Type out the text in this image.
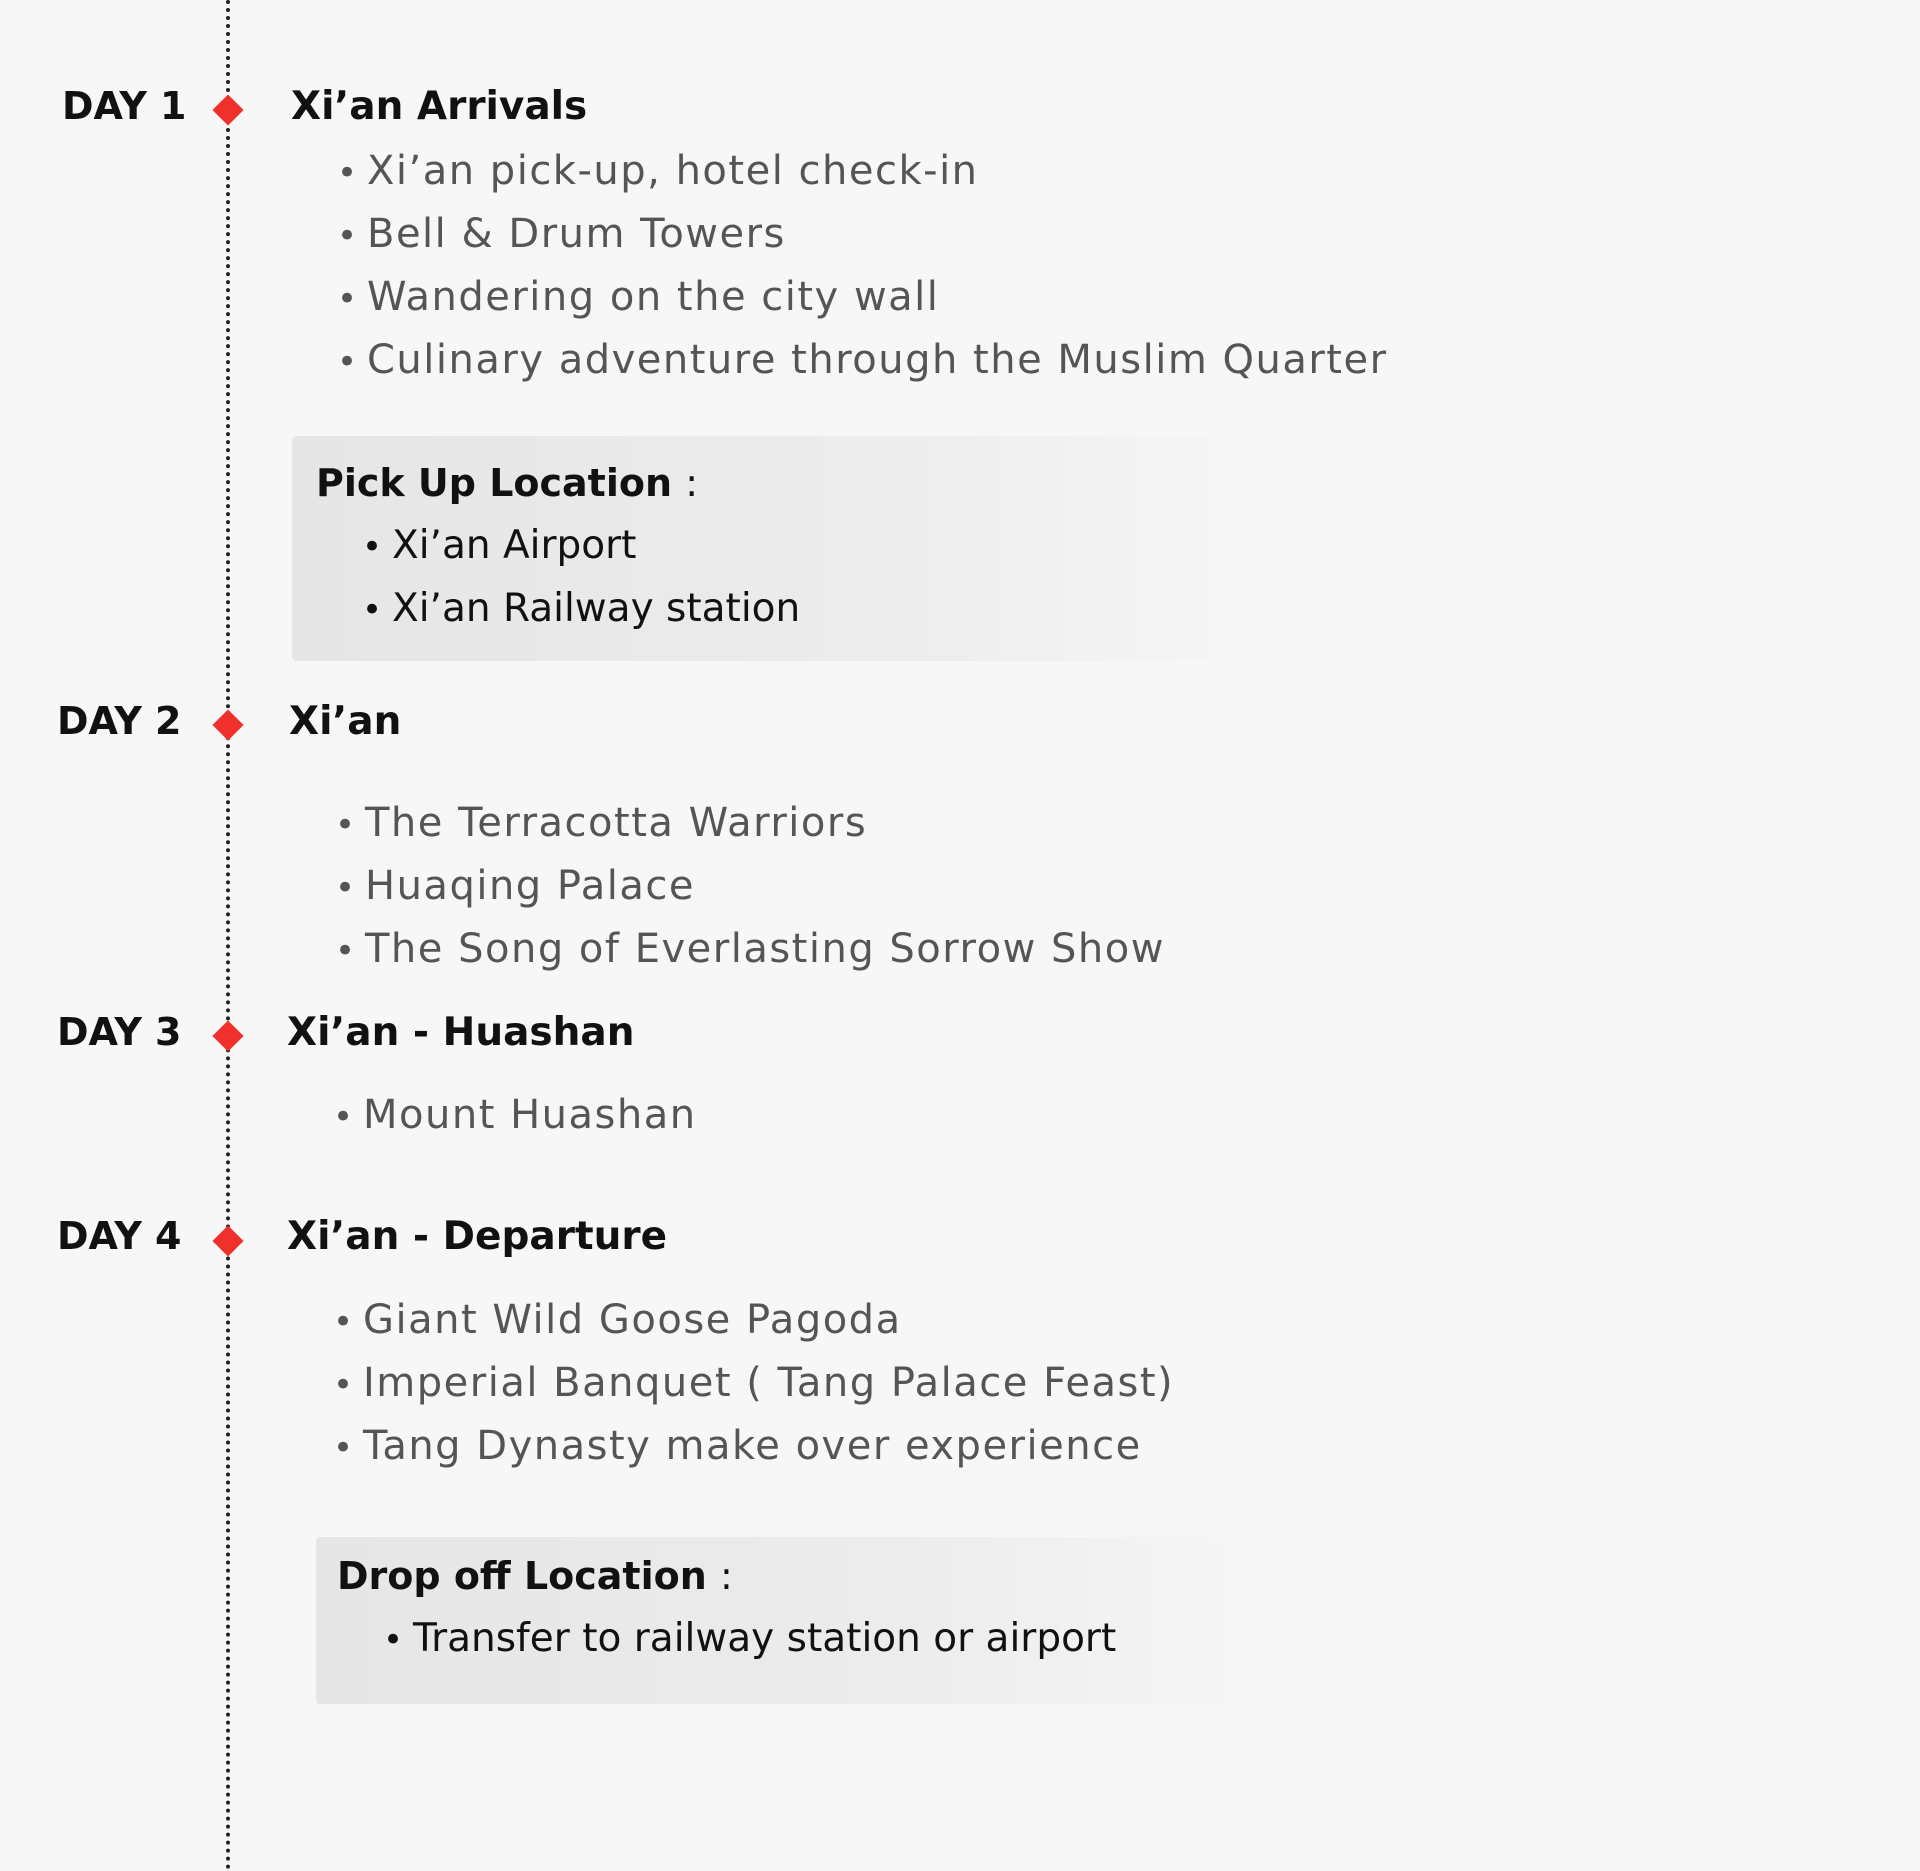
DAY 1	Xi’an Arrivals
• Xi’an pick-up, hotel check-in
• Bell & Drum Towers
• Wandering on the city wall
• Culinary adventure through the Muslim Quarter
Pick Up Location :
• Xi’an Airport
• Xi’an Railway station
DAY 2	Xi’an
• The Terracotta Warriors
• Huaqing Palace
• The Song of Everlasting Sorrow Show
DAY 3	Xi’an - Huashan
• Mount Huashan
DAY 4	Xi’an - Departure
• Giant Wild Goose Pagoda
• Imperial Banquet ( Tang Palace Feast)
• Tang Dynasty make over experience
Drop off Location :
• Transfer to railway station or airport
